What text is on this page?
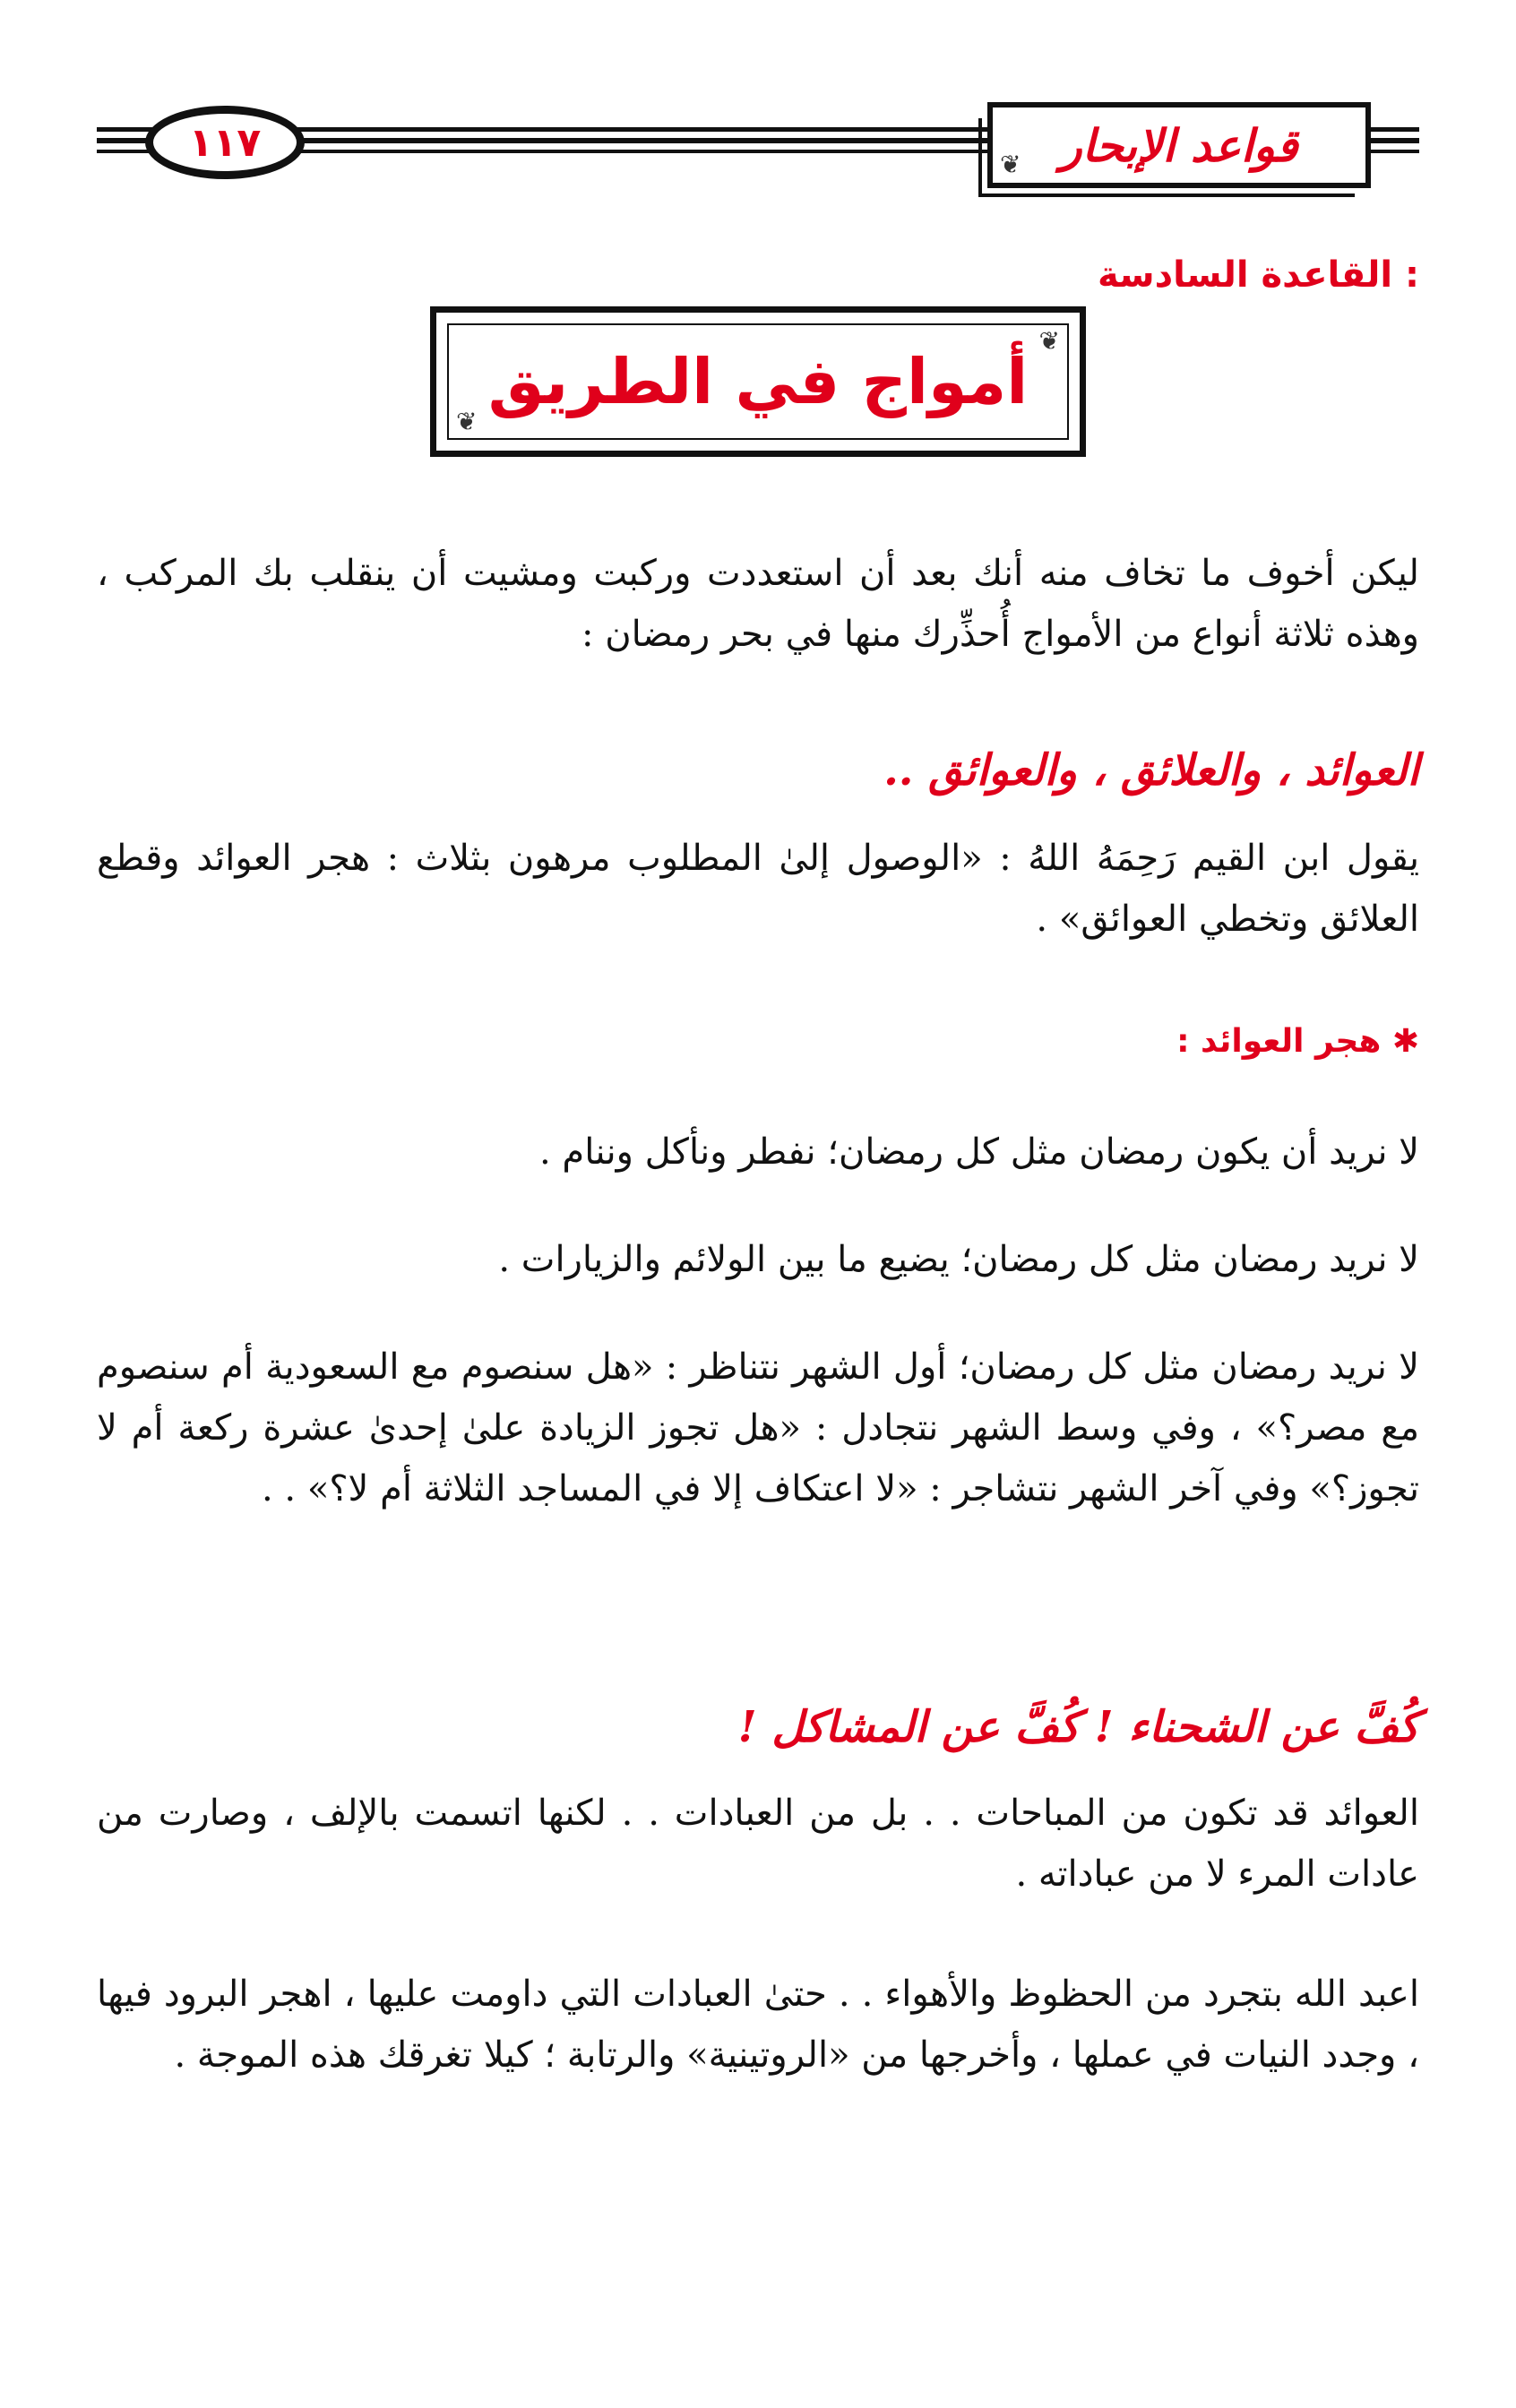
١١٧	قواعد الإبحار
❦
القاعدة السادسة :
أمواج في الطريق
❦
❦
ليكن أخوف ما تخاف منه أنك بعد أن استعددت وركبت ومشيت أن ينقلب بك المركب ، وهذه ثلاثة أنواع من الأمواج أُحذِّرك منها في بحر رمضان :
العوائد ، والعلائق ، والعوائق ..
يقول ابن القيم رَحِمَهُ اللهُ : «الوصول إلىٰ المطلوب مرهون بثلاث : هجر العوائد وقطع العلائق وتخطي العوائق» .
✱ هجر العوائد :
لا نريد أن يكون رمضان مثل كل رمضان؛ نفطر ونأكل وننام .
لا نريد رمضان مثل كل رمضان؛ يضيع ما بين الولائم والزيارات .
لا نريد رمضان مثل كل رمضان؛ أول الشهر نتناظر : «هل سنصوم مع السعودية أم سنصوم مع مصر؟» ، وفي وسط الشهر نتجادل : «هل تجوز الزيادة علىٰ إحدىٰ عشرة ركعة أم لا تجوز؟» وفي آخر الشهر نتشاجر : «لا اعتكاف إلا في المساجد الثلاثة أم لا؟» . .
كُفَّ عن الشحناء ! كُفَّ عن المشاكل !
العوائد قد تكون من المباحات . . بل من العبادات . . لكنها اتسمت بالإلف ، وصارت من عادات المرء لا من عباداته .
اعبد الله بتجرد من الحظوظ والأهواء . . حتىٰ العبادات التي داومت عليها ، اهجر البرود فيها ، وجدد النيات في عملها ، وأخرجها من «الروتينية» والرتابة ؛ كيلا تغرقك هذه الموجة .
